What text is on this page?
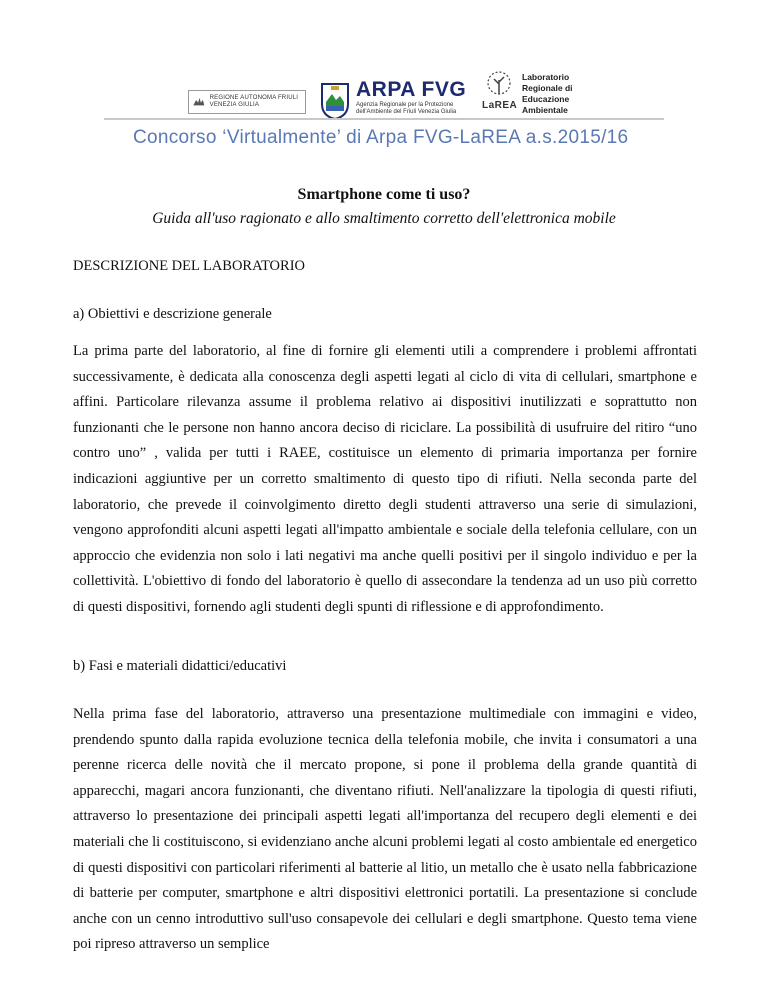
REGIONE AUTONOMA FRIULI VENEZIA GIULIA
ARPA FVG
Agenzia Regionale per la Protezione dell'Ambiente del Friuli Venezia Giulia
LaREA
Laboratorio
Regionale di
Educazione
Ambientale
Concorso ‘Virtualmente’ di Arpa FVG-LaREA a.s.2015/16
Smartphone come ti uso?
Guida all'uso ragionato e allo smaltimento corretto dell'elettronica mobile
DESCRIZIONE DEL LABORATORIO
a) Obiettivi e descrizione generale
La prima parte del laboratorio, al fine di fornire gli elementi utili a comprendere i problemi affrontati successivamente, è dedicata alla conoscenza degli aspetti legati al ciclo di vita di cellulari, smartphone e affini. Particolare rilevanza assume il problema relativo ai dispositivi inutilizzati e soprattutto non funzionanti che le persone non hanno ancora deciso di riciclare. La possibilità di usufruire del ritiro “uno contro uno” , valida per tutti i RAEE, costituisce un elemento di primaria importanza per fornire indicazioni aggiuntive per un corretto smaltimento di questo tipo di rifiuti. Nella seconda parte del laboratorio, che prevede il coinvolgimento diretto degli studenti attraverso una serie di simulazioni, vengono approfonditi alcuni aspetti legati all'impatto ambientale e sociale della telefonia cellulare, con un approccio che evidenzia non solo i lati negativi ma anche quelli positivi per il singolo individuo e per la collettività. L'obiettivo di fondo del laboratorio è quello di assecondare la tendenza ad un uso più corretto di questi dispositivi, fornendo agli studenti degli spunti di riflessione e di approfondimento.
b) Fasi e materiali didattici/educativi
Nella prima fase del laboratorio, attraverso una presentazione multimediale con immagini e video, prendendo spunto dalla rapida evoluzione tecnica della telefonia mobile, che invita i consumatori a una perenne ricerca delle novità che il mercato propone, si pone il problema della grande quantità di apparecchi, magari ancora funzionanti, che diventano rifiuti. Nell'analizzare la tipologia di questi rifiuti, attraverso lo presentazione dei principali aspetti legati all'importanza del recupero degli elementi e dei materiali che li costituiscono, si evidenziano anche alcuni problemi legati al costo ambientale ed energetico di questi dispositivi con particolari riferimenti al batterie al litio, un metallo che è usato nella fabbricazione di batterie per computer, smartphone e altri dispositivi elettronici portatili. La presentazione si conclude anche con un cenno introduttivo sull'uso consapevole dei cellulari e degli smartphone. Questo tema viene poi ripreso attraverso un semplice
